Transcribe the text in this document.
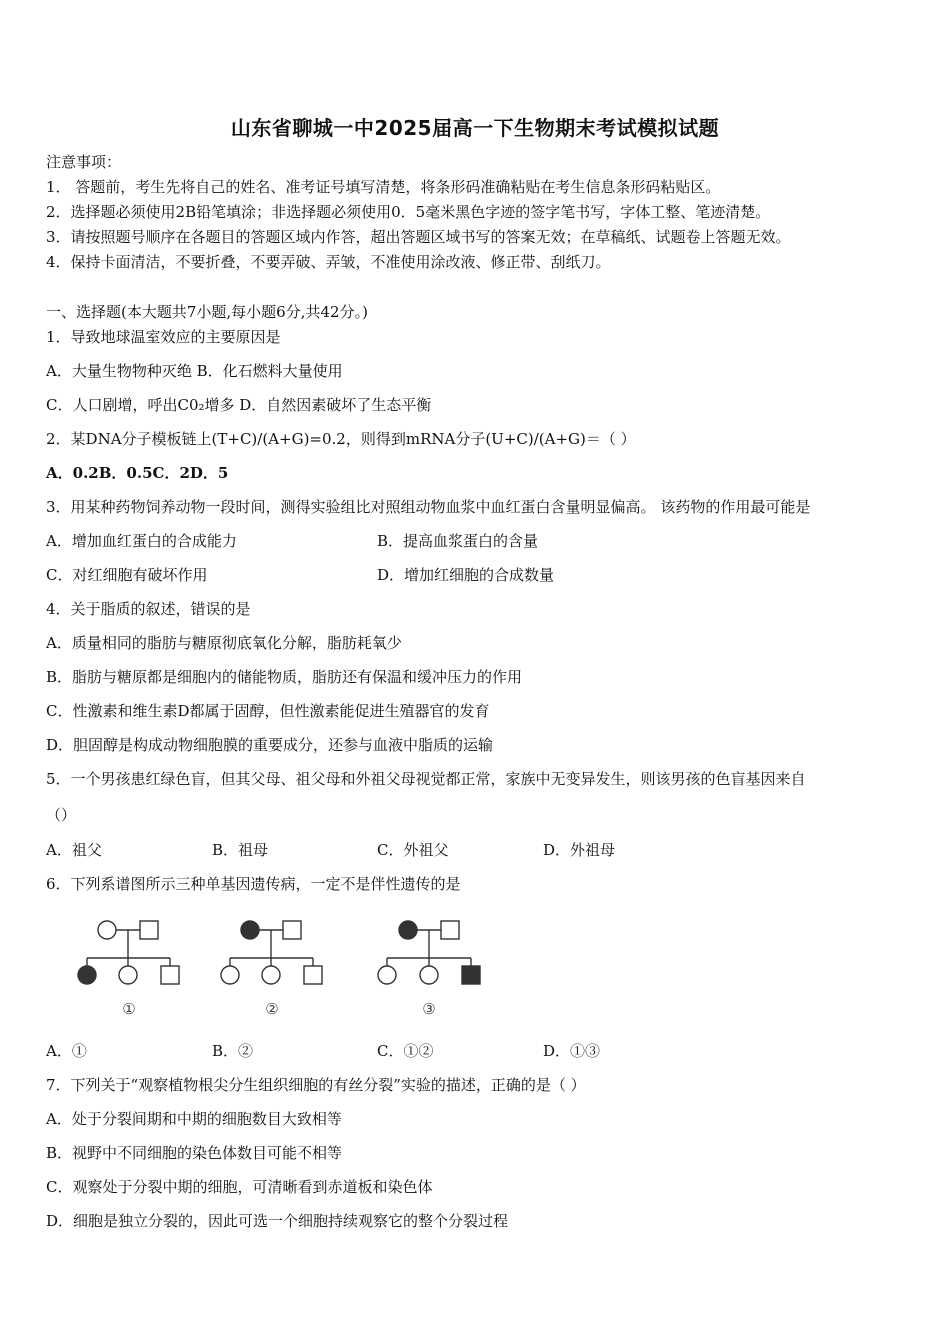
山东省聊城一中2025届高一下生物期末考试模拟试题
注意事项：
1． 答题前，考生先将自己的姓名、准考证号填写清楚，将条形码准确粘贴在考生信息条形码粘贴区。
2．选择题必须使用2B铅笔填涂；非选择题必须使用0．5毫米黑色字迹的签字笔书写，字体工整、笔迹清楚。
3．请按照题号顺序在各题目的答题区域内作答，超出答题区域书写的答案无效；在草稿纸、试题卷上答题无效。
4．保持卡面清洁，不要折叠，不要弄破、弄皱，不准使用涂改液、修正带、刮纸刀。
一、选择题(本大题共7小题,每小题6分,共42分。)
1．导致地球温室效应的主要原因是
A．大量生物物种灭绝 B．化石燃料大量使用
C．人口剧增，呼出C0₂增多 D．自然因素破坏了生态平衡
2．某DNA分子模板链上(T+C)/(A+G)=0.2，则得到mRNA分子(U+C)/(A+G)＝（ ）
A．0.2B．0.5C．2D．5
3．用某种药物饲养动物一段时间，测得实验组比对照组动物血浆中血红蛋白含量明显偏高。 该药物的作用最可能是
A．增加血红蛋白的合成能力	B．提高血浆蛋白的含量
C．对红细胞有破坏作用	D．增加红细胞的合成数量
4．关于脂质的叙述，错误的是
A．质量相同的脂肪与糖原彻底氧化分解，脂肪耗氧少
B．脂肪与糖原都是细胞内的储能物质，脂肪还有保温和缓冲压力的作用
C．性激素和维生素D都属于固醇，但性激素能促进生殖器官的发育
D．胆固醇是构成动物细胞膜的重要成分，还参与血液中脂质的运输
5．一个男孩患红绿色盲，但其父母、祖父母和外祖父母视觉都正常，家族中无变异发生，则该男孩的色盲基因来自
（）
A．祖父	B．祖母	C．外祖父	D．外祖母
6．下列系谱图所示三种单基因遗传病，一定不是伴性遗传的是
①	②	③
A．①	B．②	C．①②	D．①③
7．下列关于“观察植物根尖分生组织细胞的有丝分裂”实验的描述，正确的是（ ）
A．处于分裂间期和中期的细胞数目大致相等
B．视野中不同细胞的染色体数目可能不相等
C．观察处于分裂中期的细胞，可清晰看到赤道板和染色体
D．细胞是独立分裂的，因此可选一个细胞持续观察它的整个分裂过程
